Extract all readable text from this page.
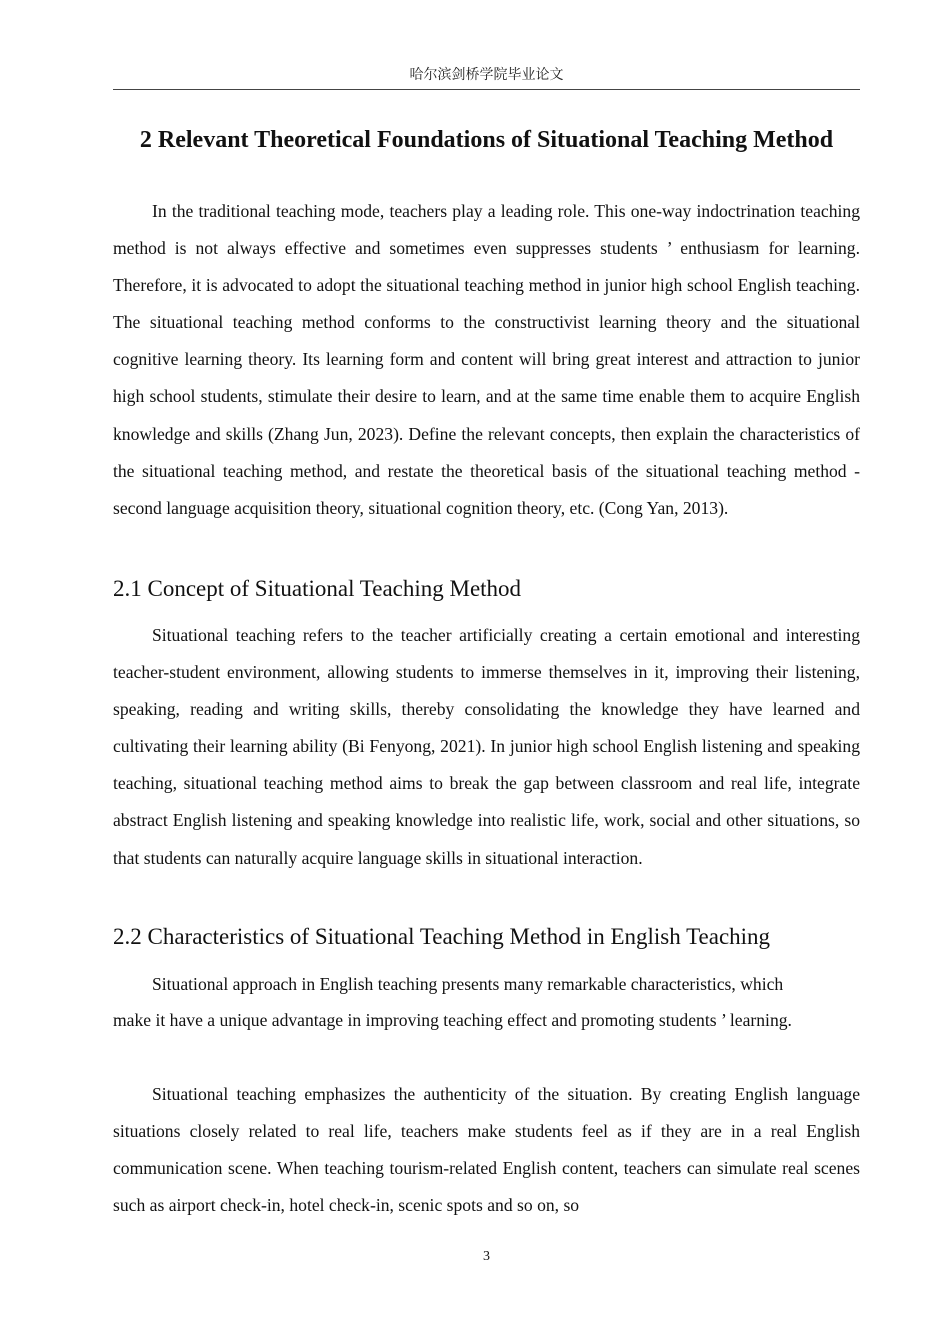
哈尔滨剑桥学院毕业论文
2 Relevant Theoretical Foundations of Situational Teaching Method

In the traditional teaching mode, teachers play a leading role. This one-way indoctrination teaching method is not always effective and sometimes even suppresses students ’ enthusiasm for learning. Therefore, it is advocated to adopt the situational teaching method in junior high school English teaching. The situational teaching method conforms to the constructivist learning theory and the situational cognitive learning theory. Its learning form and content will bring great interest and attraction to junior high school students, stimulate their desire to learn, and at the same time enable them to acquire English knowledge and skills (Zhang Jun, 2023). Define the relevant concepts, then explain the characteristics of the situational teaching method, and restate the theoretical basis of the situational teaching method - second language acquisition theory, situational cognition theory, etc. (Cong Yan, 2013).

2.1 Concept of Situational Teaching Method

Situational teaching refers to the teacher artificially creating a certain emotional and interesting teacher-student environment, allowing students to immerse themselves in it, improving their listening, speaking, reading and writing skills, thereby consolidating the knowledge they have learned and cultivating their learning ability (Bi Fenyong, 2021). In junior high school English listening and speaking teaching, situational teaching method aims to break the gap between classroom and real life, integrate abstract English listening and speaking knowledge into realistic life, work, social and other situations, so that students can naturally acquire language skills in situational interaction.

2.2 Characteristics of Situational Teaching Method in English Teaching

Situational approach in English teaching presents many remarkable characteristics, which make it have a unique advantage in improving teaching effect and promoting students ’ learning.

Situational teaching emphasizes the authenticity of the situation. By creating English language situations closely related to real life, teachers make students feel as if they are in a real English communication scene. When teaching tourism-related English content, teachers can simulate real scenes such as airport check-in, hotel check-in, scenic spots and so on, so

3
